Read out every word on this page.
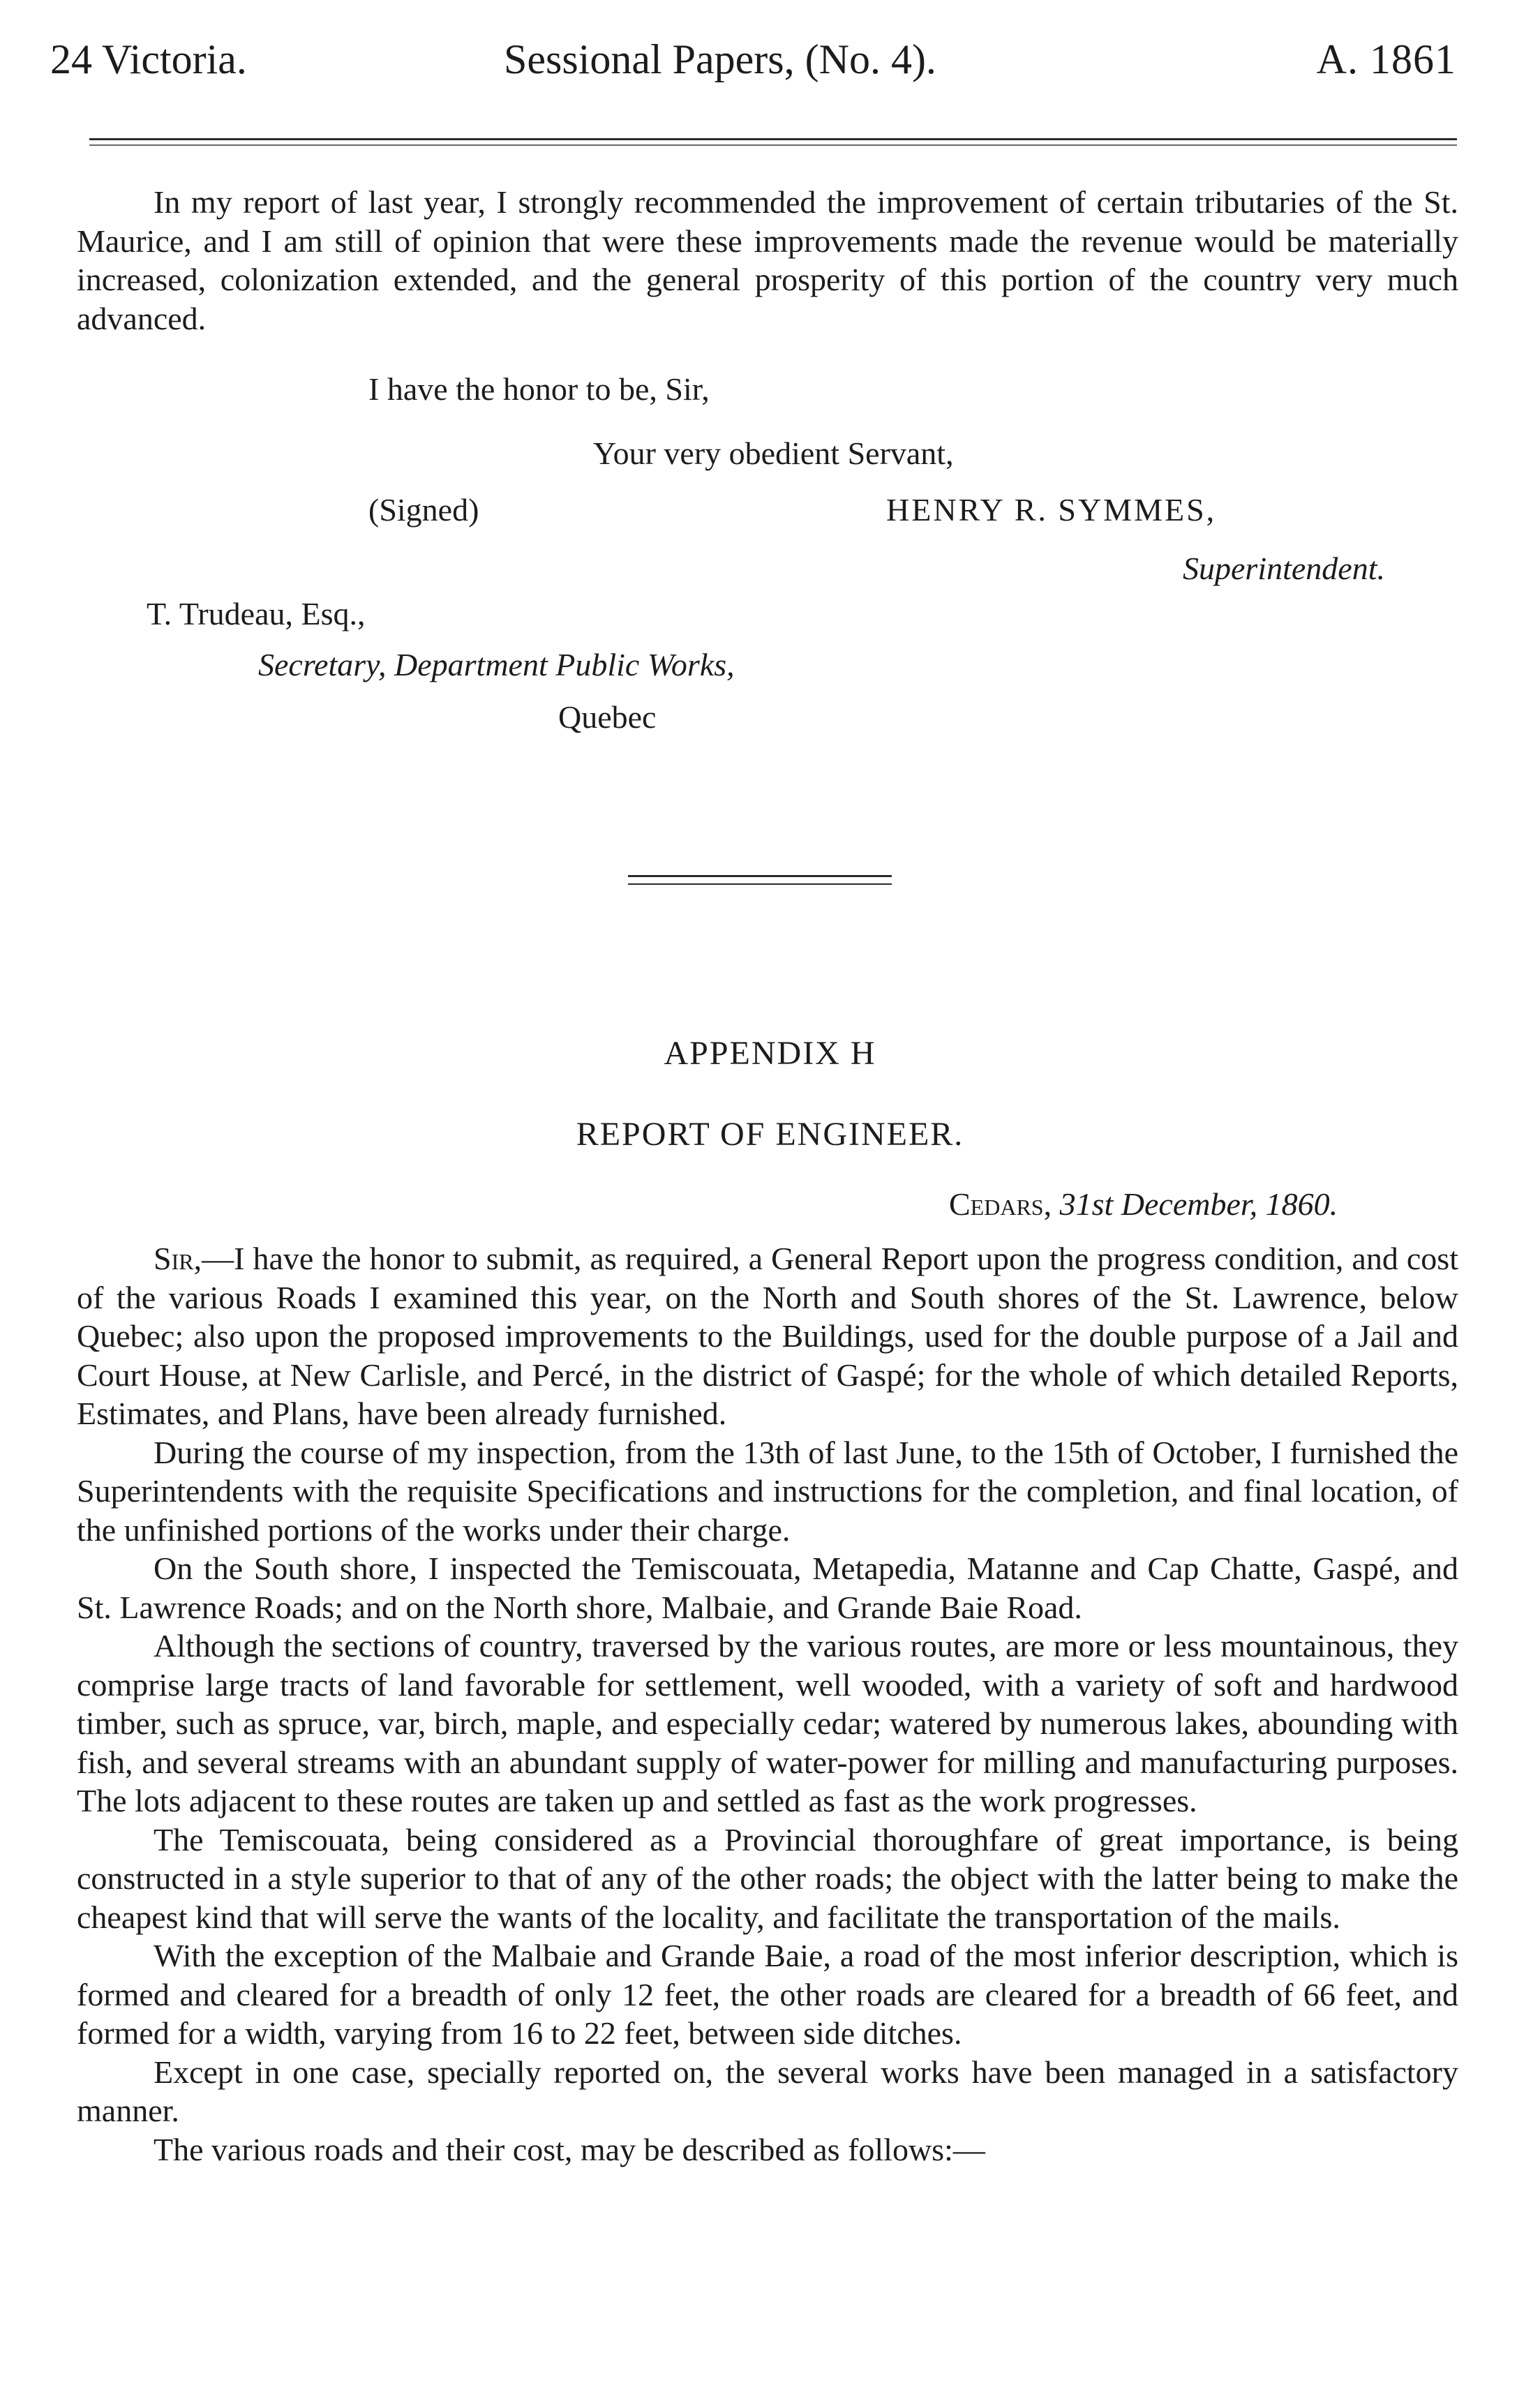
24 Victoria.	Sessional Papers, (No. 4).	A. 1861

In my report of last year, I strongly recommended the improvement of certain tributaries of the St. Maurice, and I am still of opinion that were these improvements made the revenue would be materially increased, colonization extended, and the general prosperity of this portion of the country very much advanced.

I have the honor to be, Sir,
Your very obedient Servant,
(Signed)	HENRY R. SYMMES,
Superintendent.
T. Trudeau, Esq.,
Secretary, Department Public Works,
Quebec
APPENDIX H
REPORT OF ENGINEER.
Cedars, 31st December, 1860.

Sir,—I have the honor to submit, as required, a General Report upon the progress condition, and cost of the various Roads I examined this year, on the North and South shores of the St. Lawrence, below Quebec; also upon the proposed improvements to the Buildings, used for the double purpose of a Jail and Court House, at New Carlisle, and Percé, in the district of Gaspé; for the whole of which detailed Reports, Estimates, and Plans, have been already furnished.

During the course of my inspection, from the 13th of last June, to the 15th of October, I furnished the Superintendents with the requisite Specifications and instructions for the completion, and final location, of the unfinished portions of the works under their charge.

On the South shore, I inspected the Temiscouata, Metapedia, Matanne and Cap Chatte, Gaspé, and St. Lawrence Roads; and on the North shore, Malbaie, and Grande Baie Road.

Although the sections of country, traversed by the various routes, are more or less mountainous, they comprise large tracts of land favorable for settlement, well wooded, with a variety of soft and hardwood timber, such as spruce, var, birch, maple, and especially cedar; watered by numerous lakes, abounding with fish, and several streams with an abundant supply of water-power for milling and manufacturing purposes. The lots adjacent to these routes are taken up and settled as fast as the work progresses.

The Temiscouata, being considered as a Provincial thoroughfare of great importance, is being constructed in a style superior to that of any of the other roads; the object with the latter being to make the cheapest kind that will serve the wants of the locality, and facilitate the transportation of the mails.

With the exception of the Malbaie and Grande Baie, a road of the most inferior description, which is formed and cleared for a breadth of only 12 feet, the other roads are cleared for a breadth of 66 feet, and formed for a width, varying from 16 to 22 feet, between side ditches.

Except in one case, specially reported on, the several works have been managed in a satisfactory manner.

The various roads and their cost, may be described as follows:—
